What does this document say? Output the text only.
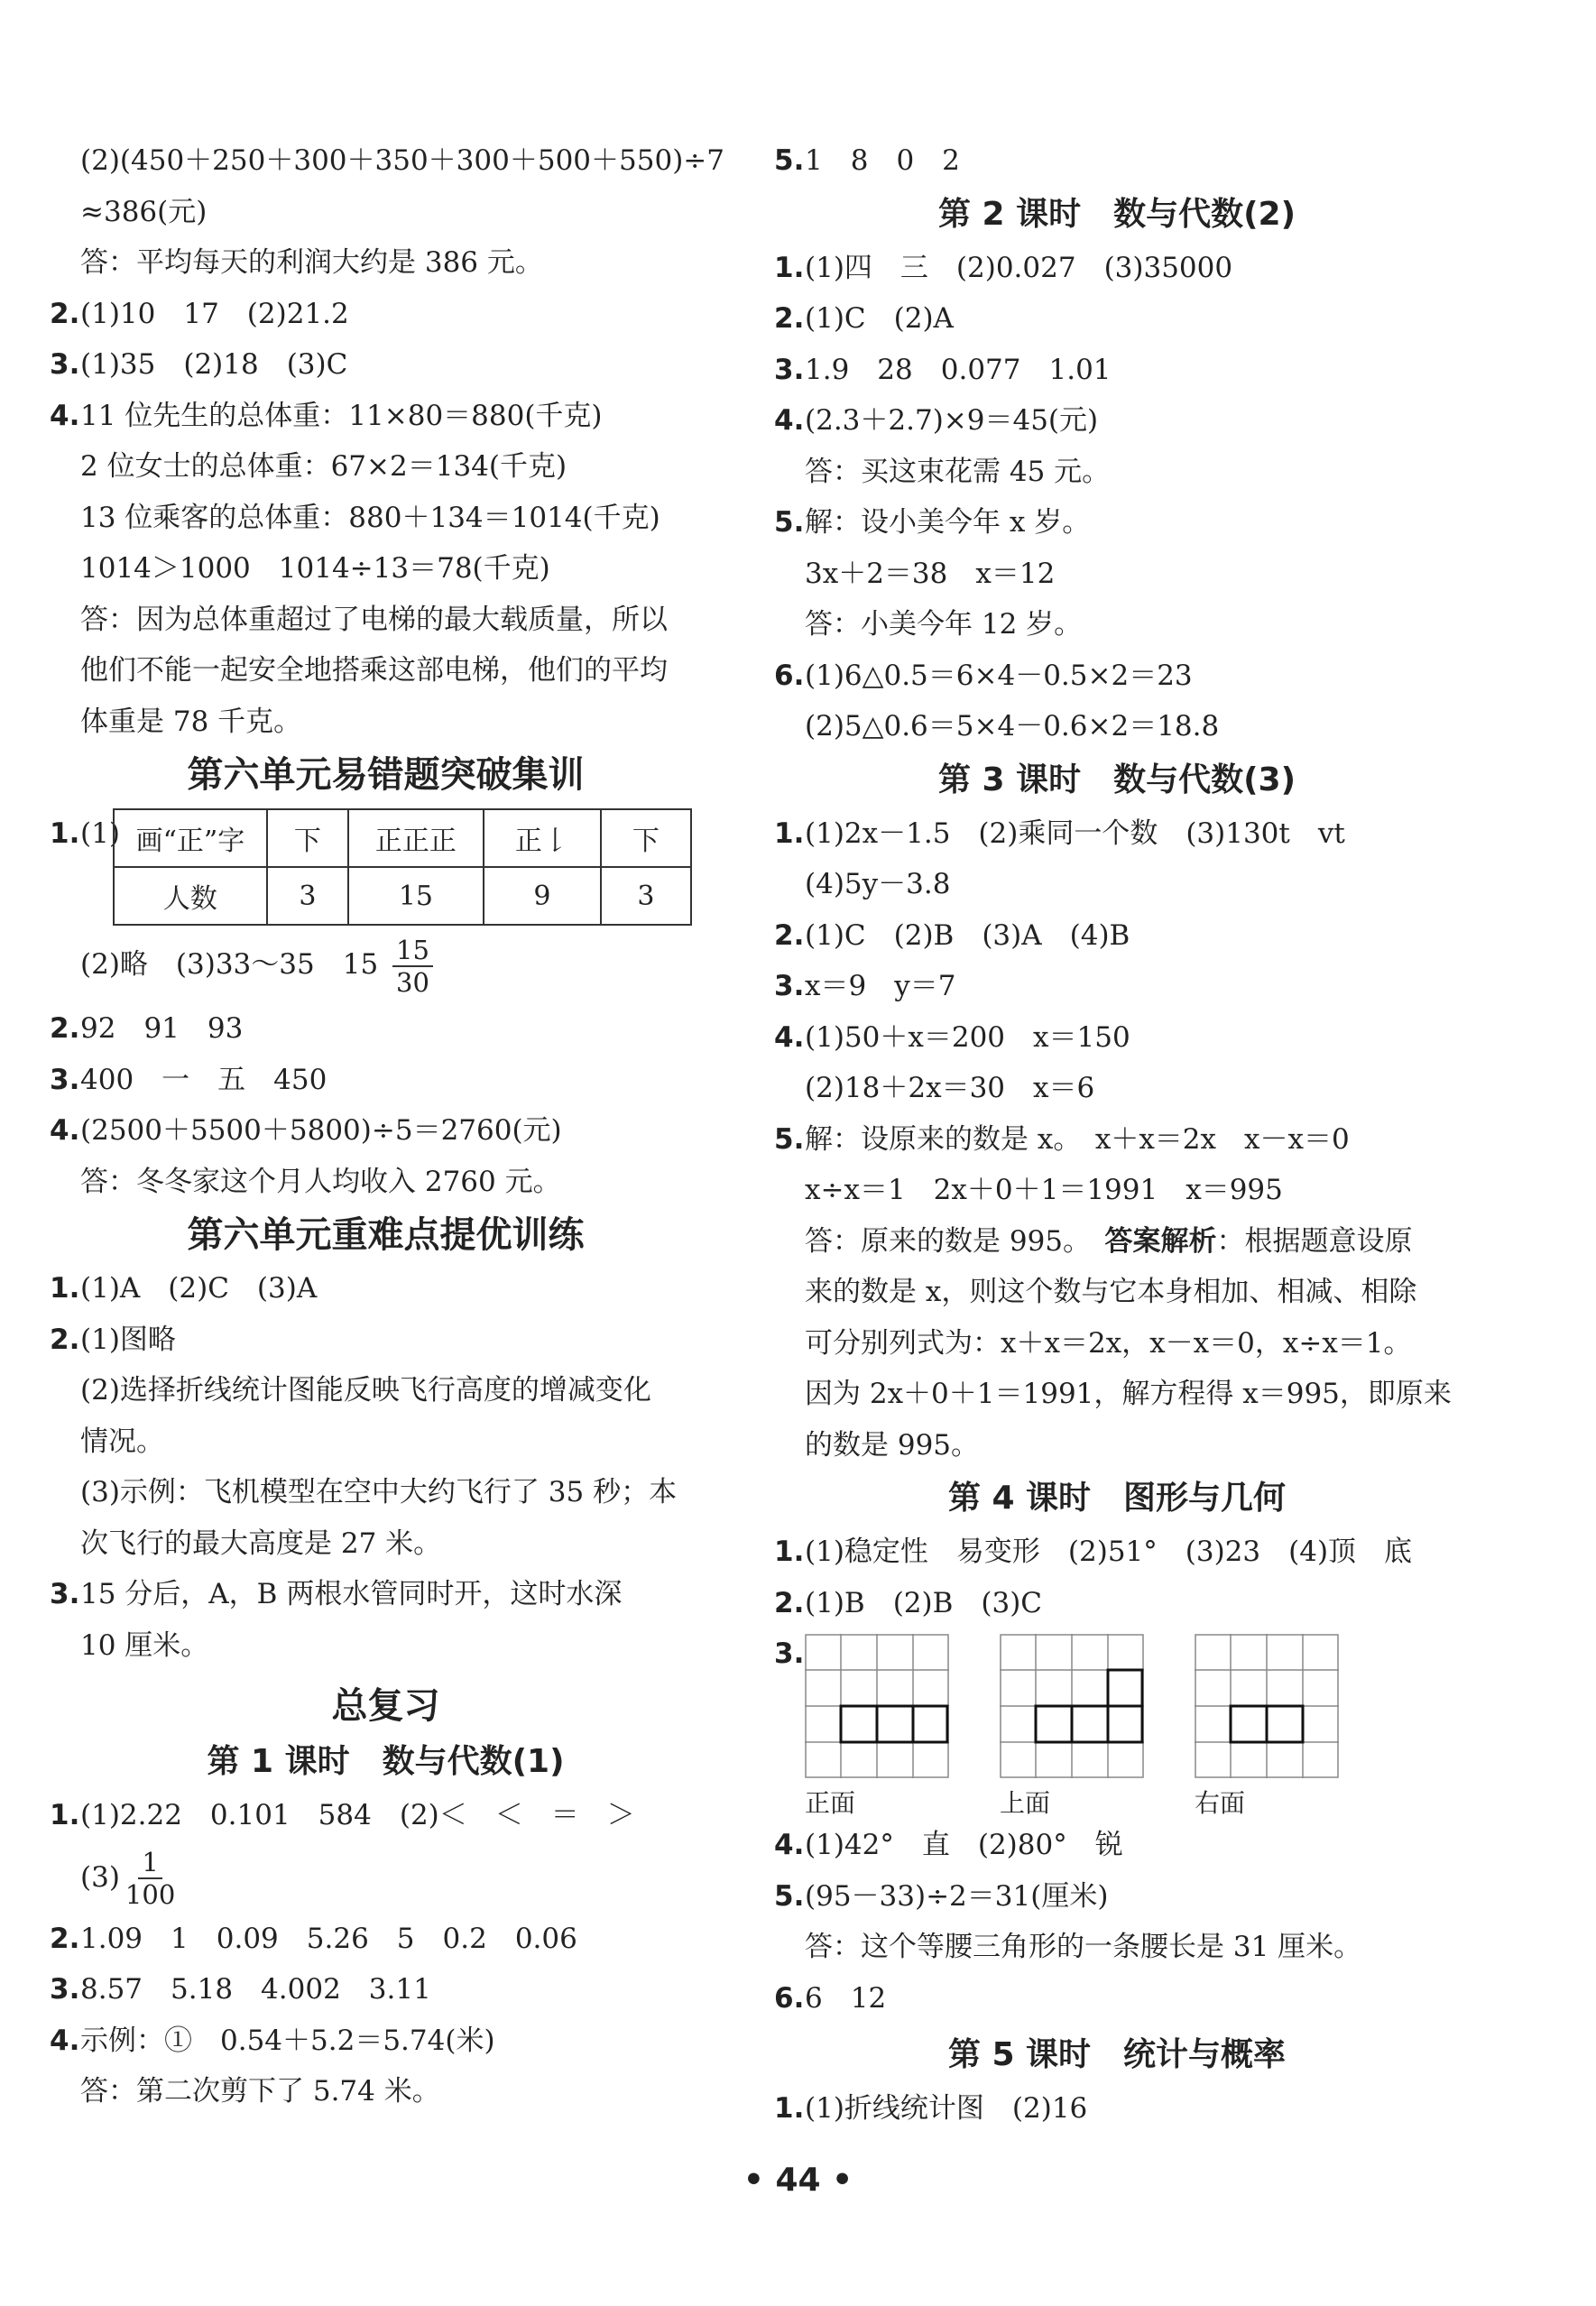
(2)(450＋250＋300＋350＋300＋500＋550)÷7
≈386(元)
答：平均每天的利润大约是 386 元。
2.(1)10　17　(2)21.2
3.(1)35　(2)18　(3)C
4.11 位先生的总体重：11×80＝880(千克)
2 位女士的总体重：67×2＝134(千克)
13 位乘客的总体重：880＋134＝1014(千克)
1014＞1000　1014÷13＝78(千克)
答：因为总体重超过了电梯的最大载质量，所以
他们不能一起安全地搭乘这部电梯，他们的平均
体重是 78 千克。
第六单元易错题突破集训
1.(1) 画“正”字	下	正正正	正𠄌	下
人数	3	15	9	3
(2)略　(3)33～35　$15 \frac{15}{30}$
2.92　91　93
3.400　一　五　450
4.(2500＋5500＋5800)÷5＝2760(元)
答：冬冬家这个月人均收入 2760 元。
第六单元重难点提优训练
1.(1)A　(2)C　(3)A
2.(1)图略
(2)选择折线统计图能反映飞行高度的增减变化
情况。
(3)示例：飞机模型在空中大约飞行了 35 秒；本
次飞行的最大高度是 27 米。
3.15 分后，A，B 两根水管同时开，这时水深
10 厘米。
总复习
第 1 课时　数与代数(1)
1.(1)2.22　0.101　584　(2)＜　＜　＝　＞
$(3) \frac{1}{100}$
2.1.09　1　0.09　5.26　5　0.2　0.06
3.8.57　5.18　4.002　3.11
4.示例：①　0.54＋5.2＝5.74(米)
答：第二次剪下了 5.74 米。
5.1　8　0　2
第 2 课时　数与代数(2)
1.(1)四　三　(2)0.027　(3)35000
2.(1)C　(2)A
3.1.9　28　0.077　1.01
4.(2.3＋2.7)×9＝45(元)
答：买这束花需 45 元。
5.解：设小美今年 x 岁。
3x＋2＝38　x＝12
答：小美今年 12 岁。
6.(1)6△0.5＝6×4－0.5×2＝23
(2)5△0.6＝5×4－0.6×2＝18.8
第 3 课时　数与代数(3)
1.(1)2x－1.5　(2)乘同一个数　(3)130t　vt
(4)5y－3.8
2.(1)C　(2)B　(3)A　(4)B
3.x＝9　y＝7
4.(1)50＋x＝200　x＝150
(2)18＋2x＝30　x＝6
5.解：设原来的数是 x。　x＋x＝2x　x－x＝0
x÷x＝1　2x＋0＋1＝1991　x＝995
答：原来的数是 995。　 答案解析：根据题意设原
来的数是 x，则这个数与它本身相加、相减、相除
可分别列式为：x＋x＝2x，x－x＝0，x÷x＝1。
因为 2x＋0＋1＝1991，解方程得 x＝995，即原来
的数是 995。
第 4 课时　图形与几何
1.(1)稳定性　易变形　(2)51°　(3)23　(4)顶　底
2.(1)B　(2)B　(3)C
3.
正面	上面	右面
4.(1)42°　直　(2)80°　锐
5.(95－33)÷2＝31(厘米)
答：这个等腰三角形的一条腰长是 31 厘米。
6.6　12
第 5 课时　统计与概率
1.(1)折线统计图　(2)16
• 44 •
